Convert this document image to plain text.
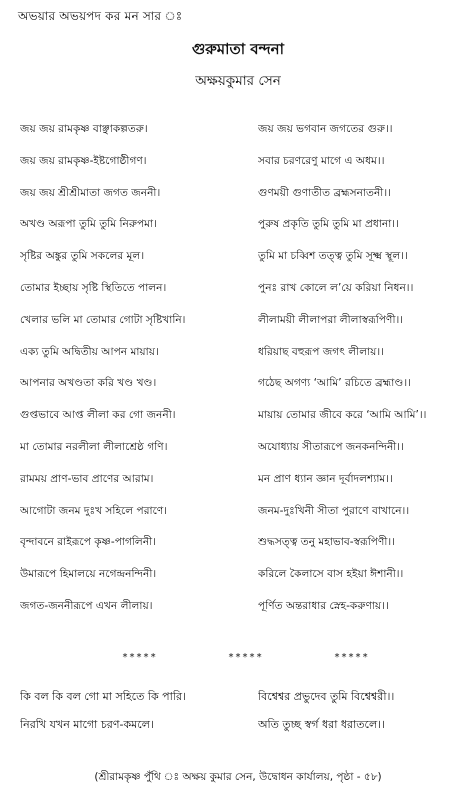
অভয়ার অভয়পদ কর মন সার ঃ
গুরুমাতা বন্দনা
অক্ষয়কুমার সেন
জয় জয় রামকৃষ্ণ বাঞ্ছাকল্পতরু।	জয় জয় ভগবান জগতের গুরু।।
জয় জয় রামকৃষ্ণ-ইষ্টগোষ্ঠীগণ।	সবার চরণরেণু মাগে এ অধম।।
জয় জয় শ্রীশ্রীমাতা জগত জননী।	গুণময়ী গুণাতীত ব্রহ্মসনাতনী।।
অখণ্ড অরূপা তুমি তুমি নিরুপমা।	পুরুষ প্রকৃতি তুমি তুমি মা প্রধানা।।
সৃষ্টির অঙ্কুর তুমি সকলের মূল।	তুমি মা চব্বিশ তত্ত্ব তুমি সূক্ষ্ম স্থূল।।
তোমার ইচ্ছায় সৃষ্টি স্থিতিতে পালন।	পুনঃ রাখ কোলে ল’য়ে করিয়া নিধন।।
খেলার ভলি মা তোমার গোটা সৃষ্টিখানি।	লীলাময়ী লীলাপরা লীলাস্বরূপিণী।।
এক্য তুমি অদ্বিতীয় আপন মায়ায়।	ধরিয়াছ বহুরূপ জগৎ লীলায়।।
আপনার অখণ্ডতা করি খণ্ড খণ্ড।	গঠেছ অগণ্য ‘আমি’ রচিতে ব্রহ্মাণ্ড।।
গুপ্তভাবে আপ্ত লীলা কর গো জননী।	মায়ায় তোমার জীবে করে ‘আমি আমি’।।
মা তোমার নরলীলা লীলাশ্রেষ্ঠ গণি।	অযোধ্যায় সীতারূপে জনকনন্দিনী।।
রামময় প্রাণ-ভাব প্রাণের আরাম।	মন প্রাণ ধ্যান জ্ঞান দূর্বাদলশ্যাম।।
আগোটা জনম দুঃখ সহিলে পরাণে।	জনম-দুঃখিনী সীতা পুরাণে বাখানে।।
বৃন্দাবনে রাইরূপে কৃষ্ণ-পাগলিনী।	শুদ্ধসত্ত্ব তনু মহাভাব-স্বরূপিণী।।
উমারূপে হিমালয়ে নগেন্দ্রনন্দিনী।	করিলে কৈলাসে বাস হইয়া ঈশানী।।
জগত-জননীরূপে এখন লীলায়।	পূর্ণিত অন্তরাধার স্নেহ-করুণায়।।
*****	*****	*****
কি বল কি বল গো মা সহিতে কি পারি।	বিশ্বেশ্বর প্রভুদেব তুমি বিশ্বেশ্বরী।।
নিরখি যখন মাগো চরণ-কমলে।	অতি তুচ্ছ স্বর্গ ধরা ধরাতলে।।
(শ্রীরামকৃষ্ণ পুঁথি ঃ অক্ষয় কুমার সেন, উদ্বোধন কার্যালয়, পৃষ্ঠা - ৫৮)
